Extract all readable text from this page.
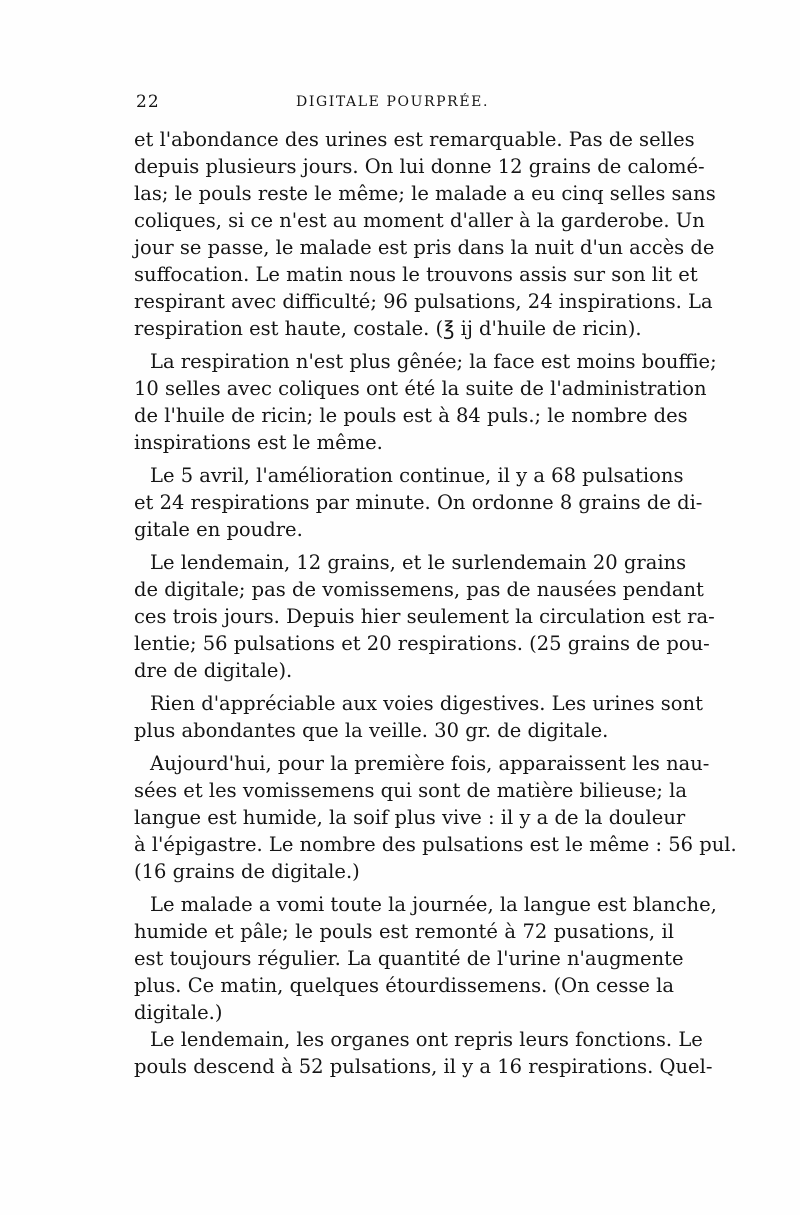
22	DIGITALE POURPRÉE.
et l'abondance des urines est remarquable. Pas de selles
depuis plusieurs jours. On lui donne 12 grains de calomé-
las; le pouls reste le même; le malade a eu cinq selles sans
coliques, si ce n'est au moment d'aller à la garderobe. Un
jour se passe, le malade est pris dans la nuit d'un accès de
suffocation. Le matin nous le trouvons assis sur son lit et
respirant avec difficulté; 96 pulsations, 24 inspirations. La
respiration est haute, costale. (℥ ij d'huile de ricin).
La respiration n'est plus gênée; la face est moins bouffie;
10 selles avec coliques ont été la suite de l'administration
de l'huile de ricin; le pouls est à 84 puls.; le nombre des
inspirations est le même.
Le 5 avril, l'amélioration continue, il y a 68 pulsations
et 24 respirations par minute. On ordonne 8 grains de di-
gitale en poudre.
Le lendemain, 12 grains, et le surlendemain 20 grains
de digitale; pas de vomissemens, pas de nausées pendant
ces trois jours. Depuis hier seulement la circulation est ra-
lentie; 56 pulsations et 20 respirations. (25 grains de pou-
dre de digitale).
Rien d'appréciable aux voies digestives. Les urines sont
plus abondantes que la veille. 30 gr. de digitale.
Aujourd'hui, pour la première fois, apparaissent les nau-
sées et les vomissemens qui sont de matière bilieuse; la
langue est humide, la soif plus vive : il y a de la douleur
à l'épigastre. Le nombre des pulsations est le même : 56 pul.
(16 grains de digitale.)
Le malade a vomi toute la journée, la langue est blanche,
humide et pâle; le pouls est remonté à 72 pusations, il
est toujours régulier. La quantité de l'urine n'augmente
plus. Ce matin, quelques étourdissemens. (On cesse la
digitale.)
Le lendemain, les organes ont repris leurs fonctions. Le
pouls descend à 52 pulsations, il y a 16 respirations. Quel-
